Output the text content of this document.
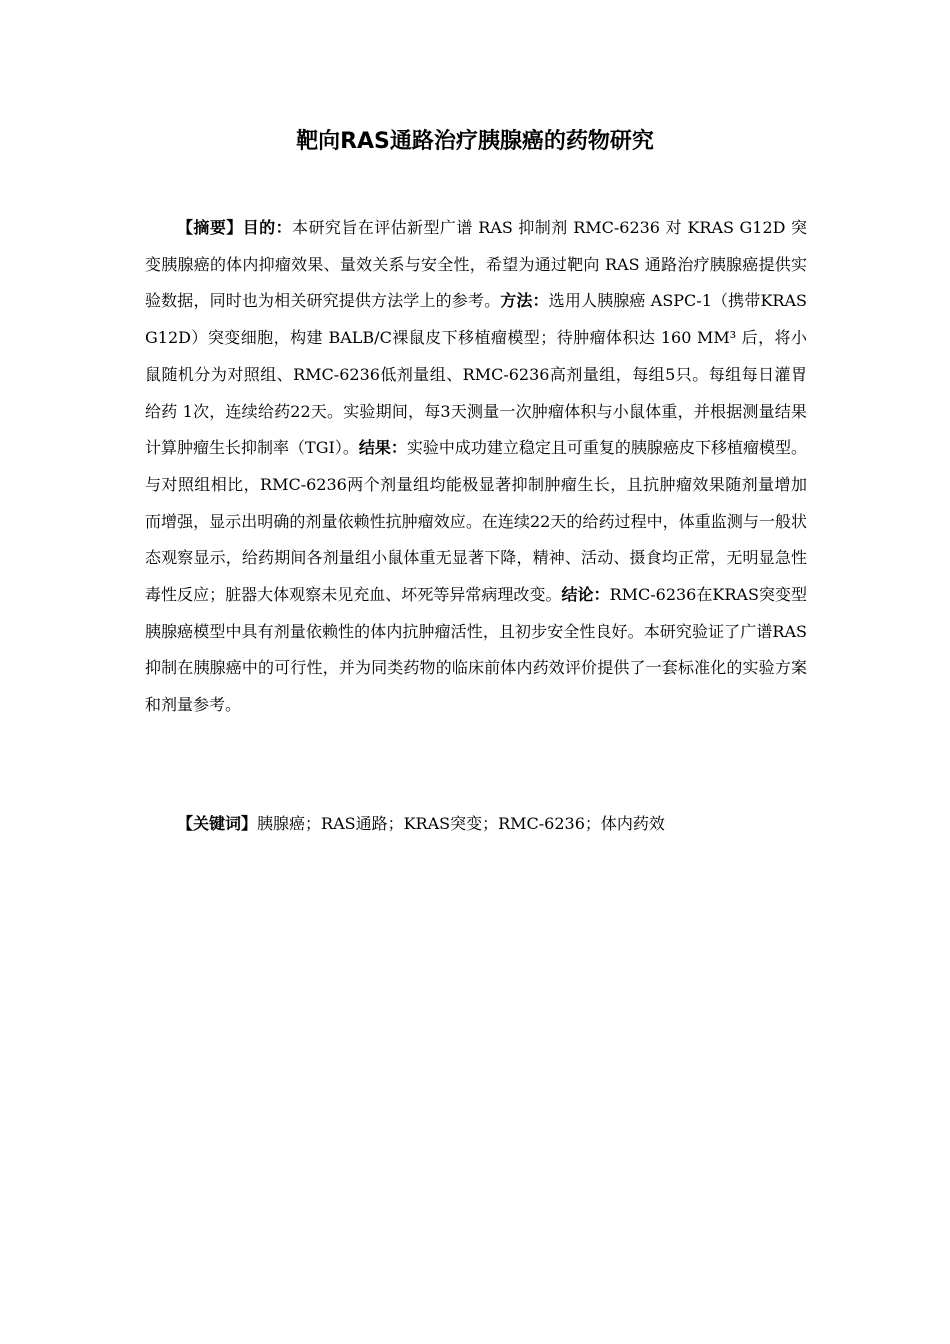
靶向RAS通路治疗胰腺癌的药物研究

【摘要】目的：本研究旨在评估新型广谱 RAS 抑制剂 RMC-6236 对 KRAS G12D 突变胰腺癌的体内抑瘤效果、量效关系与安全性，希望为通过靶向 RAS 通路治疗胰腺癌提供实验数据，同时也为相关研究提供方法学上的参考。方法：选用人胰腺癌 ASPC-1（携带KRAS G12D）突变细胞，构建 BALB/C裸鼠皮下移植瘤模型；待肿瘤体积达 160 MM³ 后，将小鼠随机分为对照组、RMC-6236低剂量组、RMC-6236高剂量组，每组5只。每组每日灌胃给药 1次，连续给药22天。实验期间，每3天测量一次肿瘤体积与小鼠体重，并根据测量结果计算肿瘤生长抑制率（TGI）。结果：实验中成功建立稳定且可重复的胰腺癌皮下移植瘤模型。与对照组相比，RMC-6236两个剂量组均能极显著抑制肿瘤生长，且抗肿瘤效果随剂量增加而增强，显示出明确的剂量依赖性抗肿瘤效应。在连续22天的给药过程中，体重监测与一般状态观察显示，给药期间各剂量组小鼠体重无显著下降，精神、活动、摄食均正常，无明显急性毒性反应；脏器大体观察未见充血、坏死等异常病理改变。结论：RMC-6236在KRAS突变型胰腺癌模型中具有剂量依赖性的体内抗肿瘤活性，且初步安全性良好。本研究验证了广谱RAS抑制在胰腺癌中的可行性，并为同类药物的临床前体内药效评价提供了一套标准化的实验方案和剂量参考。

【关键词】胰腺癌；RAS通路；KRAS突变；RMC-6236；体内药效
